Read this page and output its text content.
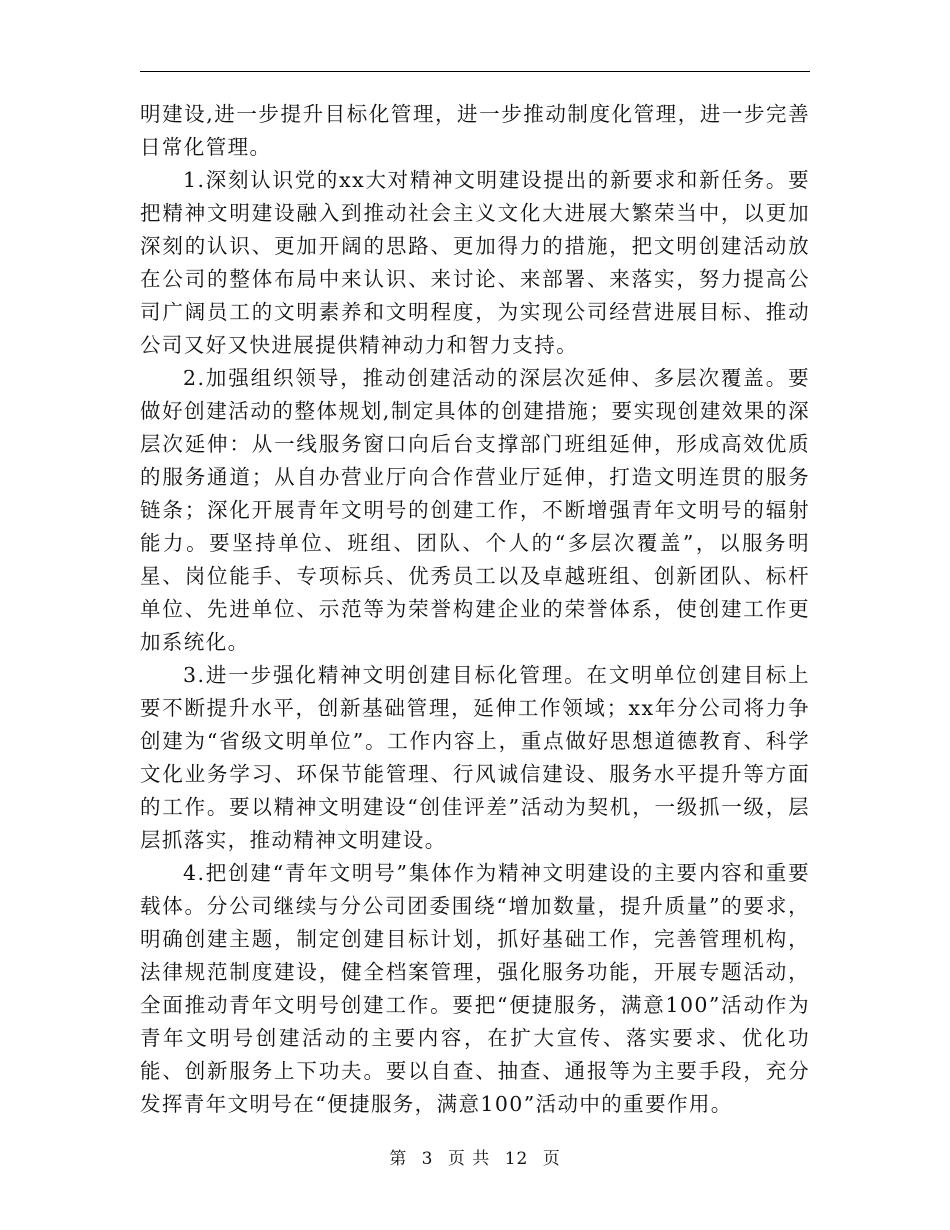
明建设,进一步提升目标化管理，进一步推动制度化管理，进一步完善日常化管理。

1.深刻认识党的xx大对精神文明建设提出的新要求和新任务。要把精神文明建设融入到推动社会主义文化大进展大繁荣当中，以更加深刻的认识、更加开阔的思路、更加得力的措施，把文明创建活动放在公司的整体布局中来认识、来讨论、来部署、来落实，努力提高公司广阔员工的文明素养和文明程度，为实现公司经营进展目标、推动公司又好又快进展提供精神动力和智力支持。

2.加强组织领导，推动创建活动的深层次延伸、多层次覆盖。要做好创建活动的整体规划,制定具体的创建措施；要实现创建效果的深层次延伸：从一线服务窗口向后台支撑部门班组延伸，形成高效优质的服务通道；从自办营业厅向合作营业厅延伸，打造文明连贯的服务链条；深化开展青年文明号的创建工作，不断增强青年文明号的辐射能力。要坚持单位、班组、团队、个人的“多层次覆盖”，以服务明星、岗位能手、专项标兵、优秀员工以及卓越班组、创新团队、标杆单位、先进单位、示范等为荣誉构建企业的荣誉体系，使创建工作更加系统化。

3.进一步强化精神文明创建目标化管理。在文明单位创建目标上要不断提升水平，创新基础管理，延伸工作领域；xx年分公司将力争创建为“省级文明单位”。工作内容上，重点做好思想道德教育、科学文化业务学习、环保节能管理、行风诚信建设、服务水平提升等方面的工作。要以精神文明建设“创佳评差”活动为契机，一级抓一级，层层抓落实，推动精神文明建设。

4.把创建“青年文明号”集体作为精神文明建设的主要内容和重要载体。分公司继续与分公司团委围绕“增加数量，提升质量”的要求，明确创建主题，制定创建目标计划，抓好基础工作，完善管理机构，法律规范制度建设，健全档案管理，强化服务功能，开展专题活动，全面推动青年文明号创建工作。要把“便捷服务，满意100”活动作为青年文明号创建活动的主要内容，在扩大宣传、落实要求、优化功能、创新服务上下功夫。要以自查、抽查、通报等为主要手段，充分发挥青年文明号在“便捷服务，满意100”活动中的重要作用。

第 3 页 共 12 页
